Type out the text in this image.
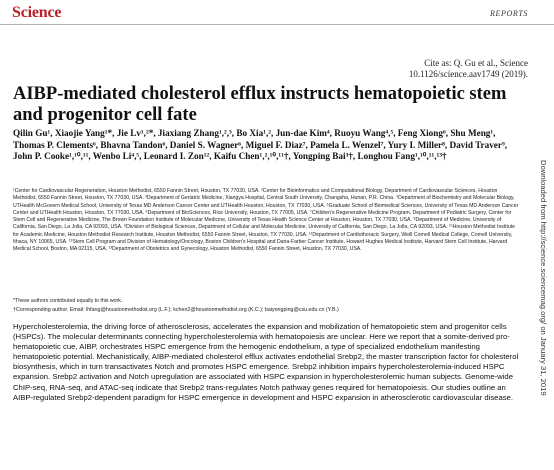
Science	REPORTS
Cite as: Q. Gu et al., Science
10.1126/science.aav1749 (2019).
AIBP-mediated cholesterol efflux instructs hematopoietic stem and progenitor cell fate

Qilin Gu¹, Xiaojie Yang¹*, Jie Lv¹,²*, Jiaxiang Zhang¹,²,³, Bo Xia¹,², Jun-dae Kim⁴, Ruoyu Wang⁴,⁵, Feng Xiong⁶, Shu Meng¹, Thomas P. Clements⁶, Bhavna Tandon⁶, Daniel S. Wagner⁶, Miguel F. Diaz⁷, Pamela L. Wenzel⁷, Yury I. Miller⁸, David Traver⁹, John P. Cooke¹,¹⁰,¹¹, Wenbo Li⁴,⁵, Leonard I. Zon¹², Kaifu Chen¹,²,¹⁰,¹¹†, Yongping Bai³†, Longhou Fang¹,¹⁰,¹¹,¹³†

¹Center for Cardiovascular Regeneration, Houston Methodist, 6550 Fannin Street, Houston, TX 77030, USA. ²Center for Bioinformatics and Computational Biology, Department of Cardiovascular Sciences, Houston Methodist, 6550 Fannin Street, Houston, TX 77030, USA. ³Department of Geriatric Medicine, Xiangya Hospital, Central South University, Changsha, Hunan, P.R. China. ⁴Department of Biochemistry and Molecular Biology, UTHealth McGovern Medical School, University of Texas MD Anderson Cancer Center and UTHealth Houston, Houston, TX 77030, USA. ⁵Graduate School of Biomedical Sciences, University of Texas MD Anderson Cancer Center and UTHealth Houston, Houston, TX 77030, USA. ⁶Department of BioSciences, Rice University, Houston, TX 77005, USA. ⁷Children's Regenerative Medicine Program, Department of Pediatric Surgery, Center for Stem Cell and Regenerative Medicine, The Brown Foundation Institute of Molecular Medicine, University of Texas Health Science Center at Houston, Houston, TX 77030, USA. ⁸Department of Medicine, University of California, San Diego, La Jolla, CA 92093, USA. ⁹Division of Biological Sciences, Department of Cellular and Molecular Medicine, University of California, San Diego, La Jolla, CA 92093, USA. ¹⁰Houston Methodist Institute for Academic Medicine, Houston Methodist Research Institute, Houston Methodist, 6550 Fannin Street, Houston, TX 77030, USA. ¹¹Department of Cardiothoracic Surgery, Weill Cornell Medical College, Cornell University, Ithaca, NY 10065, USA. ¹²Stem Cell Program and Division of Hematology/Oncology, Boston Children's Hospital and Dana-Farber Cancer Institute, Howard Hughes Medical Institute, Harvard Stem Cell Institute, Harvard Medical School, Boston, MA 02115, USA. ¹³Department of Obstetrics and Gynecology, Houston Methodist, 6550 Fannin Street, Houston, TX 77030, USA.

*These authors contributed equally to this work.

†Corresponding author. Email: lhfang@houstonmethodist.org (L.F.); kchen2@houstonmethodist.org (K.C.); baiyongping@csu.edu.cn (Y.B.)

Hypercholesterolemia, the driving force of atherosclerosis, accelerates the expansion and mobilization of hematopoietic stem and progenitor cells (HSPCs). The molecular determinants connecting hypercholesterolemia with hematopoiesis are unclear. Here we report that a somite-derived pro-hematopoietic cue, AIBP, orchestrates HSPC emergence from the hemogenic endothelium, a type of specialized endothelium manifesting hematopoietic potential. Mechanistically, AIBP-mediated cholesterol efflux activates endothelial Srebp2, the master transcription factor for cholesterol biosynthesis, which in turn transactivates Notch and promotes HSPC emergence. Srebp2 inhibition impairs hypercholesterolemia-induced HSPC expansion. Srebp2 activation and Notch upregulation are associated with HSPC expansion in hypercholesterolemic human subjects. Genome-wide ChIP-seq, RNA-seq, and ATAC-seq indicate that Srebp2 trans-regulates Notch pathway genes required for hematopoiesis. Our studies outline an AIBP-regulated Srebp2-dependent paradigm for HSPC emergence in development and HSPC expansion in atherosclerotic cardiovascular disease.

Downloaded from http://science.sciencemag.org/ on January 31, 2019
